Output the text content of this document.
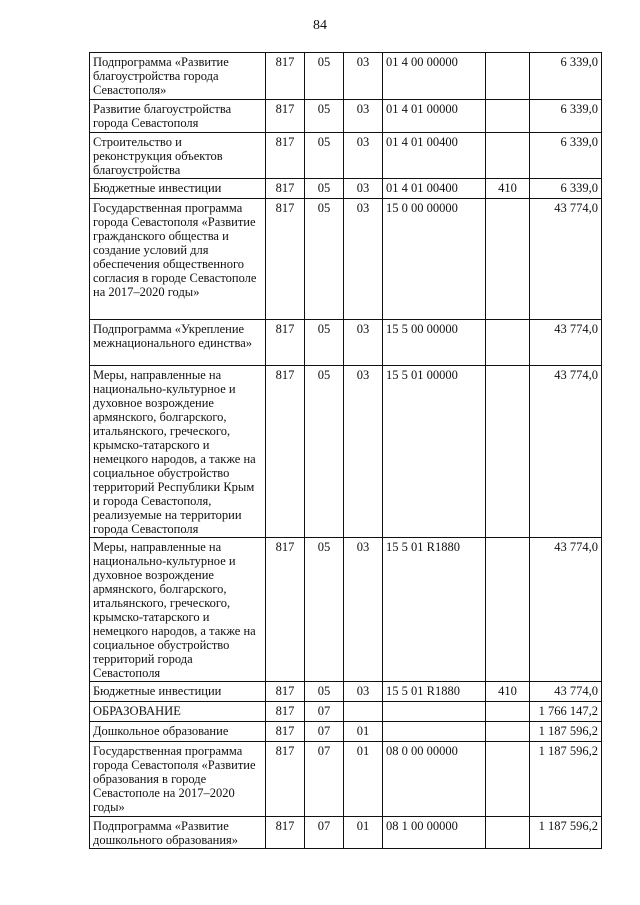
84
Подпрограмма «Развитие благоустройства города Севастополя»	817	05	03	01 4 00 00000		6 339,0
Развитие благоустройства города Севастополя	817	05	03	01 4 01 00000		6 339,0
Строительство и реконструкция объектов благоустройства	817	05	03	01 4 01 00400		6 339,0
Бюджетные инвестиции	817	05	03	01 4 01 00400	410	6 339,0
Государственная программа города Севастополя «Развитие гражданского общества и создание условий для обеспечения общественного согласия в городе Севастополе на 2017–2020 годы»	817	05	03	15 0 00 00000		43 774,0
Подпрограмма «Укрепление межнационального единства»	817	05	03	15 5 00 00000		43 774,0
Меры, направленные на национально-культурное и духовное возрождение армянского, болгарского, итальянского, греческого, крымско-татарского и немецкого народов, а также на социальное обустройство территорий Республики Крым и города Севастополя, реализуемые на территории города Севастополя	817	05	03	15 5 01 00000		43 774,0
Меры, направленные на национально-культурное и духовное возрождение армянского, болгарского, итальянского, греческого, крымско-татарского и немецкого народов, а также на социальное обустройство территорий города Севастополя	817	05	03	15 5 01 R1880		43 774,0
Бюджетные инвестиции	817	05	03	15 5 01 R1880	410	43 774,0
ОБРАЗОВАНИЕ	817	07				1 766 147,2
Дошкольное образование	817	07	01			1 187 596,2
Государственная программа города Севастополя «Развитие образования в городе Севастополе на 2017–2020 годы»	817	07	01	08 0 00 00000		1 187 596,2
Подпрограмма «Развитие дошкольного образования»	817	07	01	08 1 00 00000		1 187 596,2
